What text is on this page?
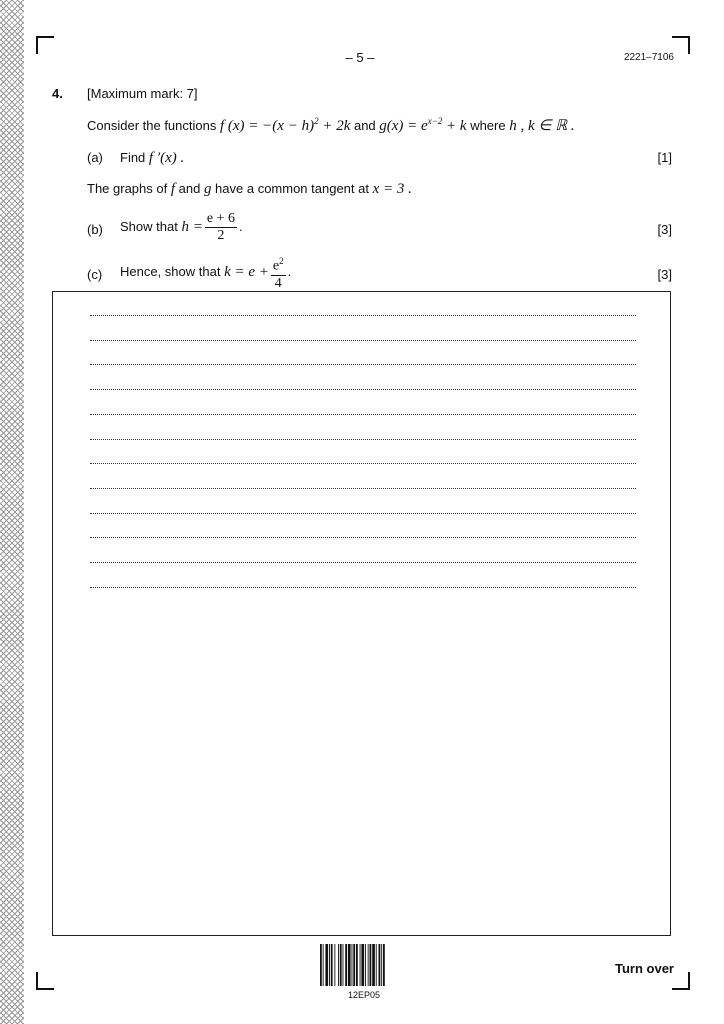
– 5 –	2221–7106
4. [Maximum mark: 7]
Consider the functions f $(x) = -(x - h)^2 + 2k$ and $g(x) = e^{x-2} + k$ where h , k ∈ ℝ .
(a) Find f ′(x) .	[1]
The graphs of f and g have a common tangent at x = 3 .
(b) Show that $h = \frac{e + 6}{2}$ .	[3]
(c) Hence, show that $k = e + \frac{e^2}{4}$ .	[3]
12EP05
Turn over
